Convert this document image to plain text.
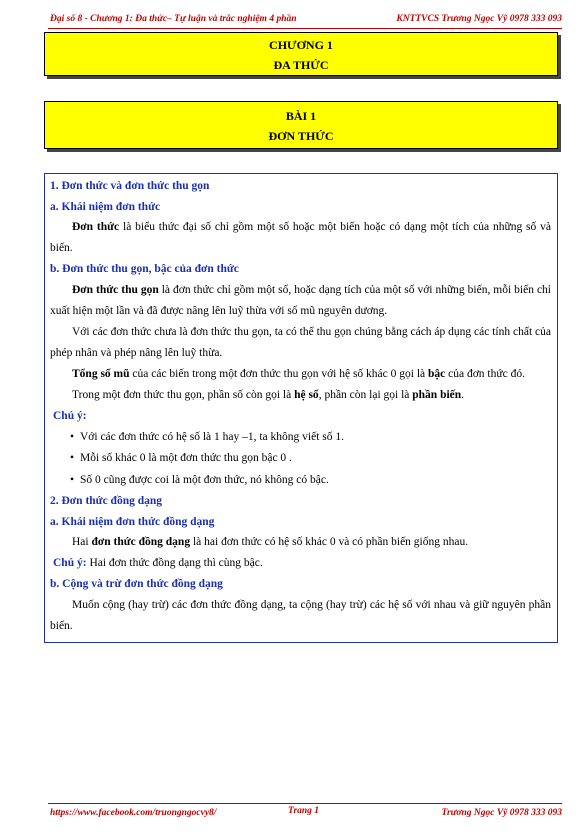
Đại số 8 - Chương 1: Đa thức– Tự luận và trắc nghiệm 4 phần	KNTTVCS Trương Ngọc Vỹ 0978 333 093
CHƯƠNG 1
ĐA THỨC
BÀI 1
ĐƠN THỨC
1. Đơn thức và đơn thức thu gọn
a. Khái niệm đơn thức
Đơn thức là biểu thức đại số chỉ gồm một số hoặc một biến hoặc có dạng một tích của những số và biến.
b. Đơn thức thu gọn, bậc của đơn thức
Đơn thức thu gọn là đơn thức chỉ gồm một số, hoặc dạng tích của một số với những biến, mỗi biến chỉ xuất hiện một lần và đã được nâng lên luỹ thừa với số mũ nguyên dương.
Với các đơn thức chưa là đơn thức thu gọn, ta có thể thu gọn chúng bằng cách áp dụng các tính chất của phép nhân và phép nâng lên luỹ thừa.
Tổng số mũ của các biến trong một đơn thức thu gọn với hệ số khác 0 gọi là bậc của đơn thức đó.
Trong một đơn thức thu gọn, phần số còn gọi là hệ số, phần còn lại gọi là phần biến.
Chú ý:
• Với các đơn thức có hệ số là 1 hay –1, ta không viết số 1.
• Mỗi số khác 0 là một đơn thức thu gọn bậc 0 .
• Số 0 cũng được coi là một đơn thức, nó không có bậc.
2. Đơn thức đồng dạng
a. Khái niệm đơn thức đồng dạng
Hai đơn thức đồng dạng là hai đơn thức có hệ số khác 0 và có phần biến giống nhau.
Chú ý: Hai đơn thức đồng dạng thì cùng bậc.
b. Cộng và trừ đơn thức đồng dạng
Muốn cộng (hay trừ) các đơn thức đồng dạng, ta cộng (hay trừ) các hệ số với nhau và giữ nguyên phần biến.
https://www.facebook.com/truongngocvy8/	Trang 1	Trương Ngọc Vỹ 0978 333 093
